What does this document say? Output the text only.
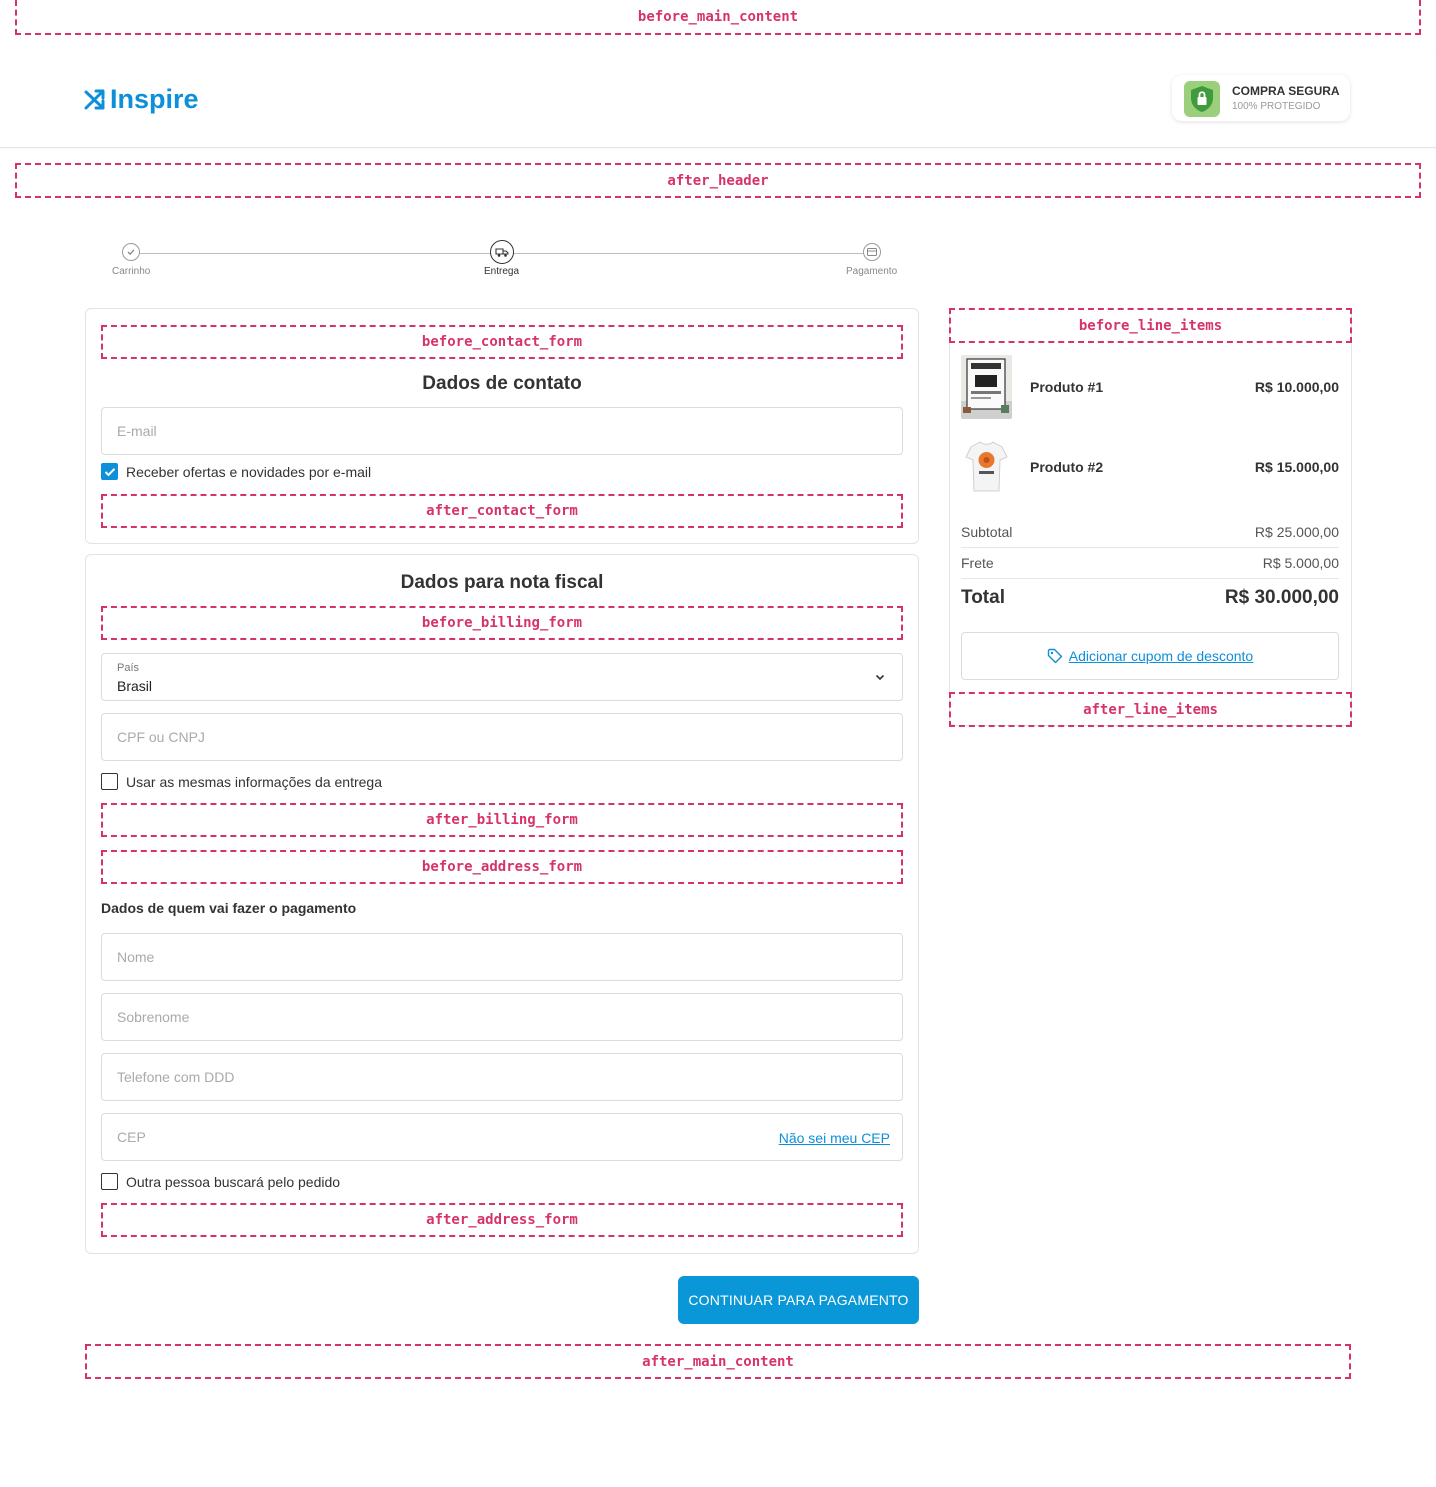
before_main_content
Inspire	COMPRA SEGURA
100% PROTEGIDO
after_header
Carrinho	Entrega	Pagamento
before_contact_form
Dados de contato
E-mail
Receber ofertas e novidades por e-mail
after_contact_form
Dados para nota fiscal
before_billing_form
País
Brasil
CPF ou CNPJ
Usar as mesmas informações da entrega
after_billing_form
before_address_form
Dados de quem vai fazer o pagamento
Nome
Sobrenome
Telefone com DDD
CEP
Não sei meu CEP
Outra pessoa buscará pelo pedido
after_address_form
CONTINUAR PARA PAGAMENTO
after_main_content
before_line_items
Produto #1	R$ 10.000,00
Produto #2	R$ 15.000,00
Subtotal	R$ 25.000,00
Frete	R$ 5.000,00
Total	R$ 30.000,00
Adicionar cupom de desconto
after_line_items
